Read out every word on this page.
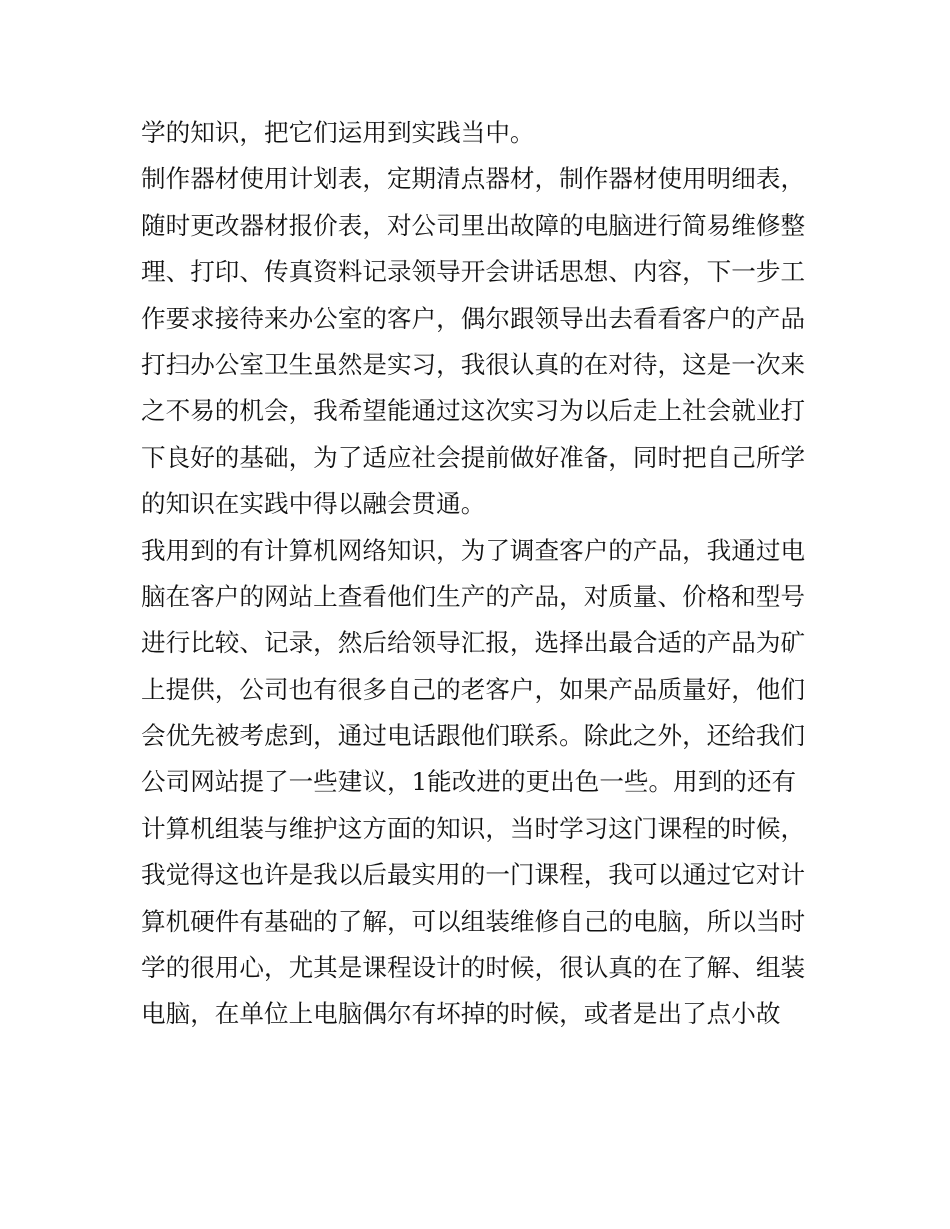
学的知识，把它们运用到实践当中。
制作器材使用计划表，定期清点器材，制作器材使用明细表，
随时更改器材报价表，对公司里出故障的电脑进行简易维修整
理、打印、传真资料记录领导开会讲话思想、内容，下一步工
作要求接待来办公室的客户，偶尔跟领导出去看看客户的产品
打扫办公室卫生虽然是实习，我很认真的在对待，这是一次来
之不易的机会，我希望能通过这次实习为以后走上社会就业打
下良好的基础，为了适应社会提前做好准备，同时把自己所学
的知识在实践中得以融会贯通。
我用到的有计算机网络知识，为了调查客户的产品，我通过电
脑在客户的网站上查看他们生产的产品，对质量、价格和型号
进行比较、记录，然后给领导汇报，选择出最合适的产品为矿
上提供，公司也有很多自己的老客户，如果产品质量好，他们
会优先被考虑到，通过电话跟他们联系。除此之外，还给我们
公司网站提了一些建议，1能改进的更出色一些。用到的还有
计算机组装与维护这方面的知识，当时学习这门课程的时候，
我觉得这也许是我以后最实用的一门课程，我可以通过它对计
算机硬件有基础的了解，可以组装维修自己的电脑，所以当时
学的很用心，尤其是课程设计的时候，很认真的在了解、组装
电脑，在单位上电脑偶尔有坏掉的时候，或者是出了点小故
